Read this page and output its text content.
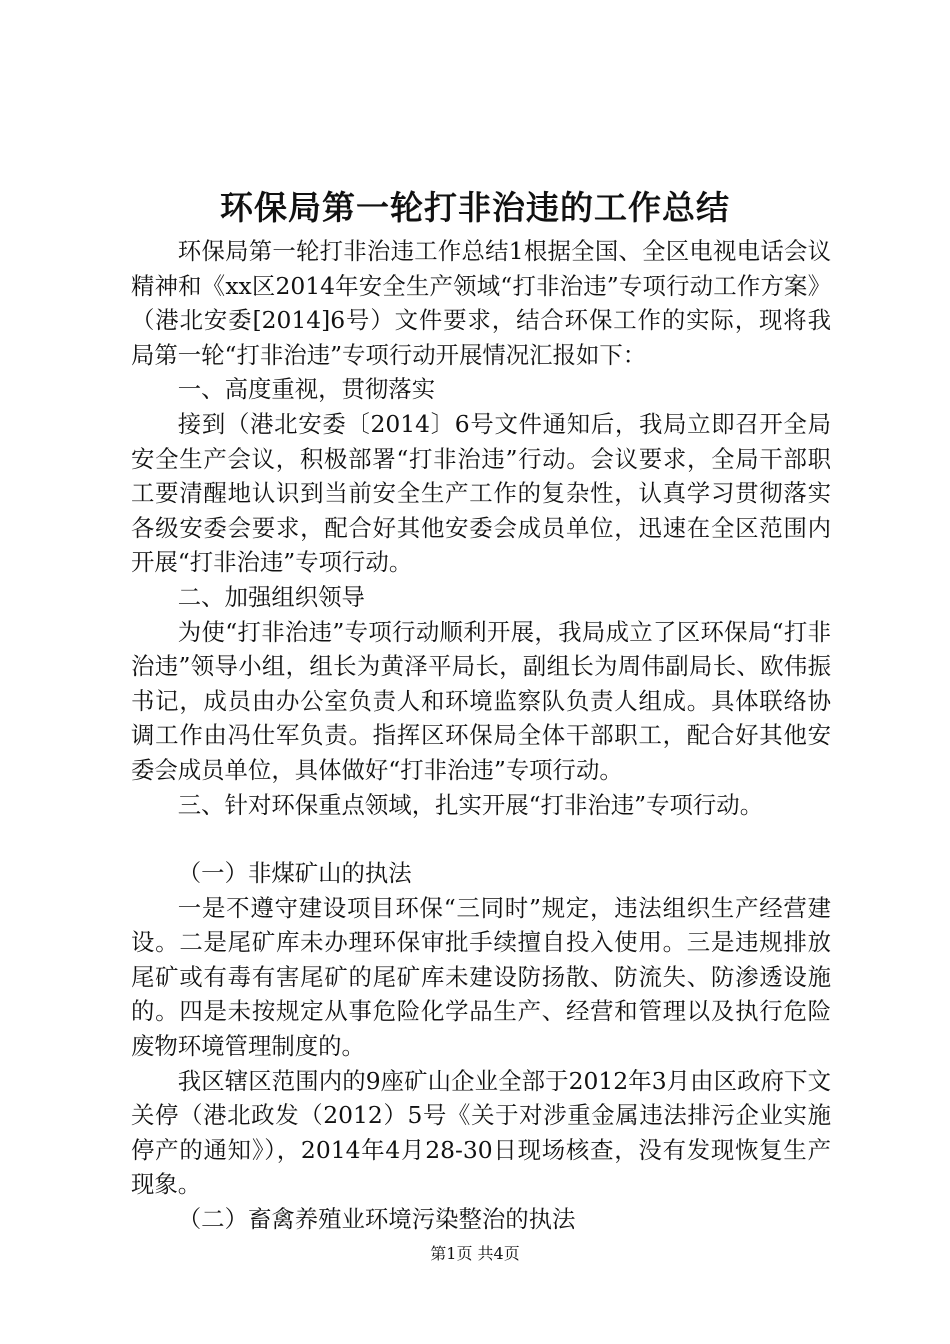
环保局第一轮打非治违的工作总结

环保局第一轮打非治违工作总结1根据全国、全区电视电话会议精神和《xx区2014年安全生产领域“打非治违”专项行动工作方案》（港北安委[2014]6号）文件要求，结合环保工作的实际，现将我局第一轮“打非治违”专项行动开展情况汇报如下：

一、高度重视，贯彻落实

接到（港北安委〔2014〕6号文件通知后，我局立即召开全局安全生产会议，积极部署“打非治违”行动。会议要求，全局干部职工要清醒地认识到当前安全生产工作的复杂性，认真学习贯彻落实各级安委会要求，配合好其他安委会成员单位，迅速在全区范围内开展“打非治违”专项行动。

二、加强组织领导

为使“打非治违”专项行动顺利开展，我局成立了区环保局“打非治违”领导小组，组长为黄泽平局长，副组长为周伟副局长、欧伟振书记，成员由办公室负责人和环境监察队负责人组成。具体联络协调工作由冯仕军负责。指挥区环保局全体干部职工，配合好其他安委会成员单位，具体做好“打非治违”专项行动。

三、针对环保重点领域，扎实开展“打非治违”专项行动。

（一）非煤矿山的执法

一是不遵守建设项目环保“三同时”规定，违法组织生产经营建设。二是尾矿库未办理环保审批手续擅自投入使用。三是违规排放尾矿或有毒有害尾矿的尾矿库未建设防扬散、防流失、防渗透设施的。四是未按规定从事危险化学品生产、经营和管理以及执行危险废物环境管理制度的。

我区辖区范围内的9座矿山企业全部于2012年3月由区政府下文关停（港北政发（2012）5号《关于对涉重金属违法排污企业实施停产的通知》），2014年4月28-30日现场核查，没有发现恢复生产现象。

（二）畜禽养殖业环境污染整治的执法

第1页 共4页
